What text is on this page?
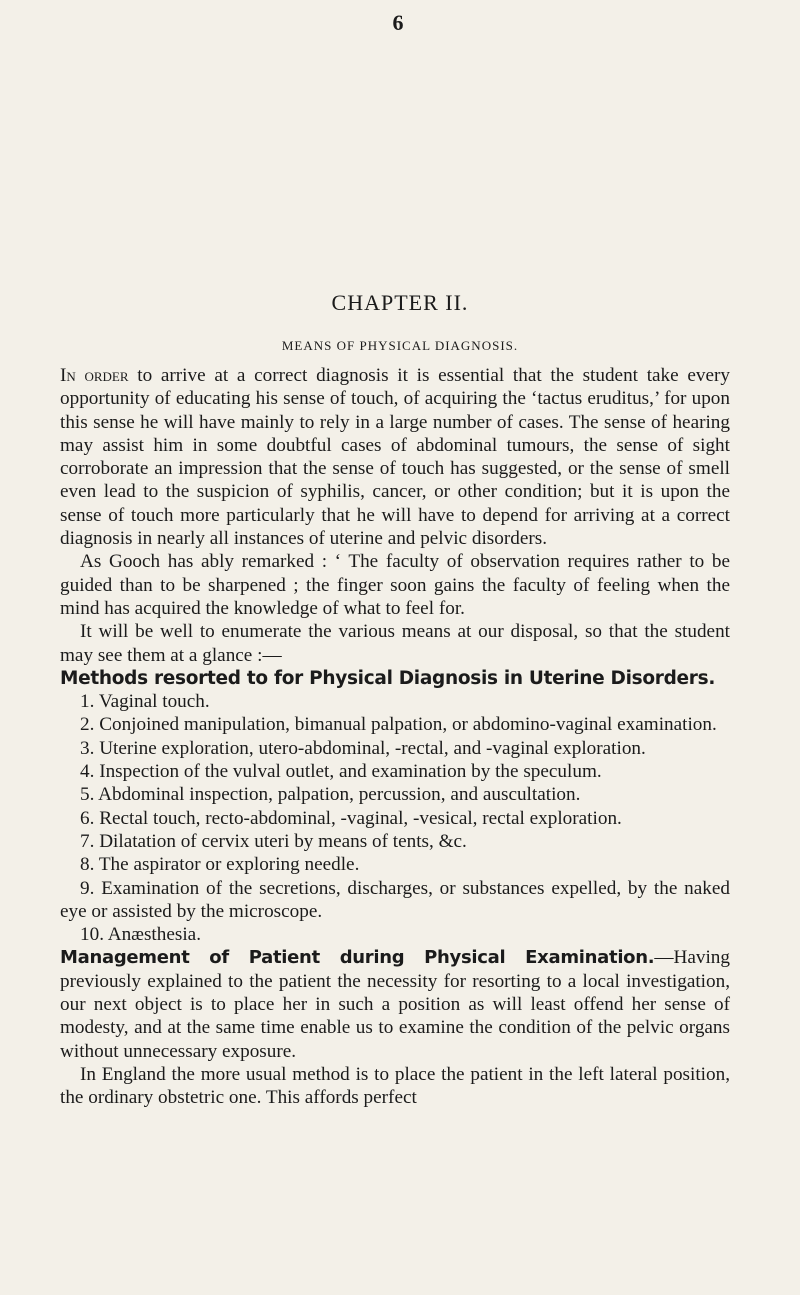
6
CHAPTER II.
MEANS OF PHYSICAL DIAGNOSIS.

In order to arrive at a correct diagnosis it is essential that the student take every opportunity of educating his sense of touch, of acquiring the ‘tactus eruditus,’ for upon this sense he will have mainly to rely in a large number of cases. The sense of hearing may assist him in some doubtful cases of abdominal tumours, the sense of sight corroborate an impression that the sense of touch has suggested, or the sense of smell even lead to the suspicion of syphilis, cancer, or other condition; but it is upon the sense of touch more particularly that he will have to depend for arriving at a correct diagnosis in nearly all instances of uterine and pelvic disorders.

As Gooch has ably remarked : ‘ The faculty of observation requires rather to be guided than to be sharpened ; the finger soon gains the faculty of feeling when the mind has acquired the knowledge of what to feel for.

It will be well to enumerate the various means at our disposal, so that the student may see them at a glance :—

Methods resorted to for Physical Diagnosis in Uterine Disorders.
1. Vaginal touch.
2. Conjoined manipulation, bimanual palpation, or abdomino-vaginal examination.
3. Uterine exploration, utero-abdominal, -rectal, and -vaginal exploration.
4. Inspection of the vulval outlet, and examination by the speculum.
5. Abdominal inspection, palpation, percussion, and auscultation.
6. Rectal touch, recto-abdominal, -vaginal, -vesical, rectal exploration.
7. Dilatation of cervix uteri by means of tents, &c.
8. The aspirator or exploring needle.
9. Examination of the secretions, discharges, or substances expelled, by the naked eye or assisted by the microscope.
10. Anæsthesia.

Management of Patient during Physical Examination.—Having previously explained to the patient the necessity for resorting to a local investigation, our next object is to place her in such a position as will least offend her sense of modesty, and at the same time enable us to examine the condition of the pelvic organs without unnecessary exposure.

In England the more usual method is to place the patient in the left lateral position, the ordinary obstetric one. This affords perfect
